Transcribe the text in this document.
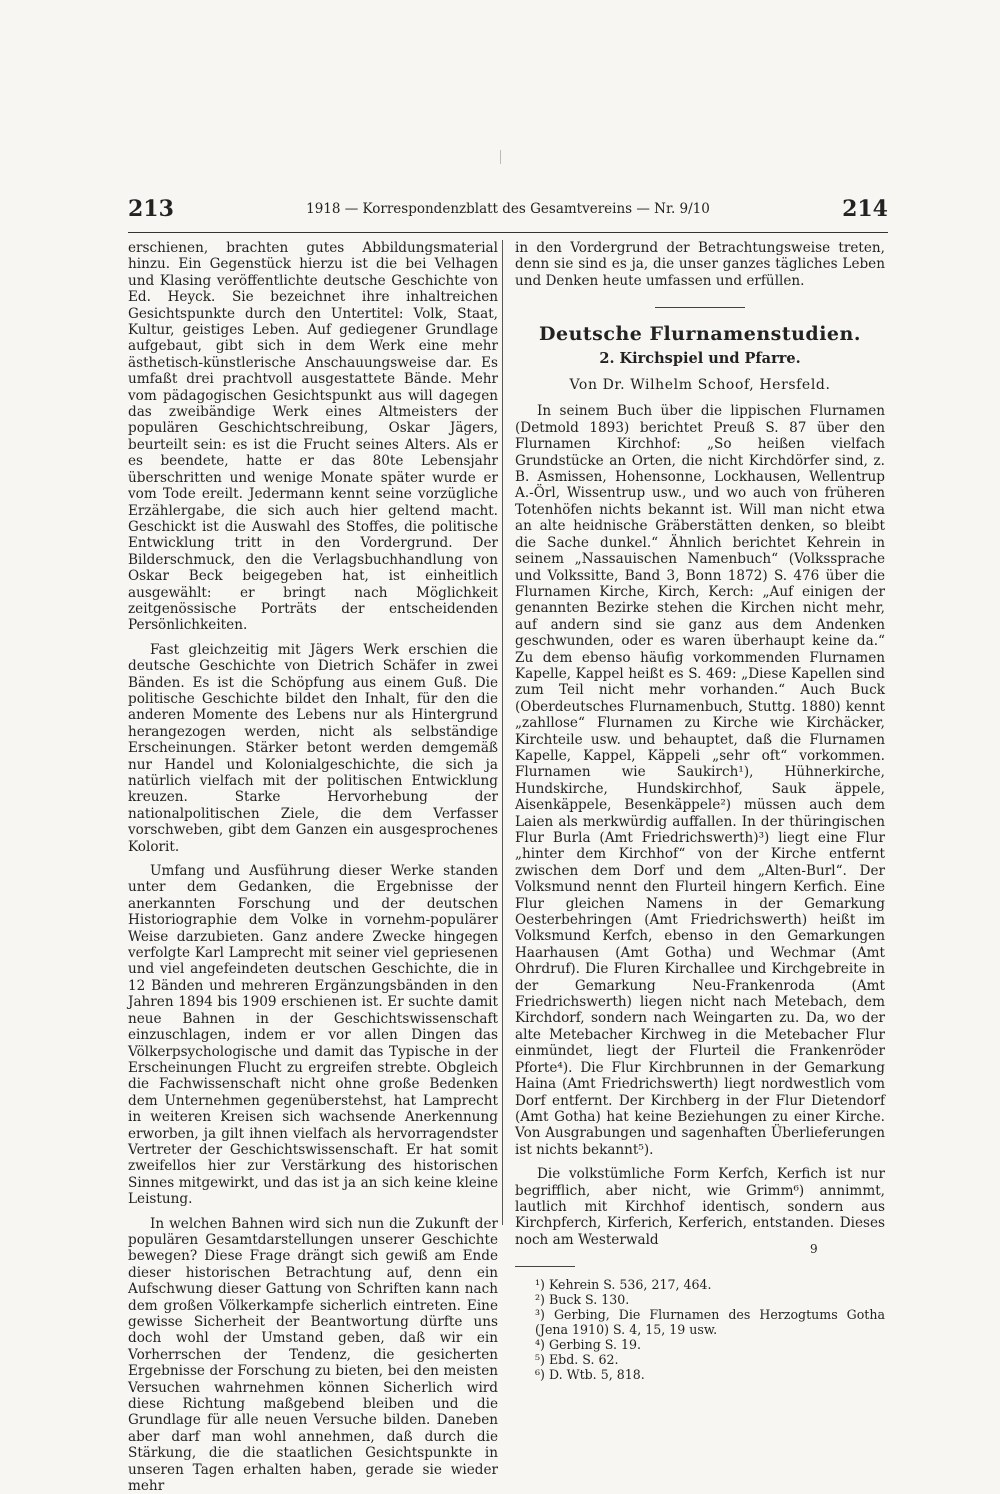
213	1918 — Korrespondenzblatt des Gesamtvereins — Nr. 9/10	214

erschienen, brachten gutes Abbildungsmaterial hinzu. Ein Gegenstück hierzu ist die bei Velhagen und Klasing veröffentlichte deutsche Geschichte von Ed. Heyck. Sie bezeichnet ihre inhaltreichen Gesichtspunkte durch den Untertitel: Volk, Staat, Kultur, geistiges Leben. Auf gediegener Grundlage aufgebaut, gibt sich in dem Werk eine mehr ästhetisch-künstlerische Anschauungsweise dar. Es umfaßt drei prachtvoll ausgestattete Bände. Mehr vom pädagogischen Gesichtspunkt aus will dagegen das zweibändige Werk eines Altmeisters der populären Geschichtschreibung, Oskar Jägers, beurteilt sein: es ist die Frucht seines Alters. Als er es beendete, hatte er das 80te Lebensjahr überschritten und wenige Monate später wurde er vom Tode ereilt. Jedermann kennt seine vorzügliche Erzählergabe, die sich auch hier geltend macht. Geschickt ist die Auswahl des Stoffes, die politische Entwicklung tritt in den Vordergrund. Der Bilderschmuck, den die Verlagsbuchhandlung von Oskar Beck beigegeben hat, ist einheitlich ausgewählt: er bringt nach Möglichkeit zeitgenössische Porträts der entscheidenden Persönlichkeiten.

Fast gleichzeitig mit Jägers Werk erschien die deutsche Geschichte von Dietrich Schäfer in zwei Bänden. Es ist die Schöpfung aus einem Guß. Die politische Geschichte bildet den Inhalt, für den die anderen Momente des Lebens nur als Hintergrund herangezogen werden, nicht als selbständige Erscheinungen. Stärker betont werden demgemäß nur Handel und Kolonialgeschichte, die sich ja natürlich vielfach mit der politischen Entwicklung kreuzen. Starke Hervorhebung der nationalpolitischen Ziele, die dem Verfasser vorschweben, gibt dem Ganzen ein ausgesprochenes Kolorit.

Umfang und Ausführung dieser Werke standen unter dem Gedanken, die Ergebnisse der anerkannten Forschung und der deutschen Historiographie dem Volke in vornehm-populärer Weise darzubieten. Ganz andere Zwecke hingegen verfolgte Karl Lamprecht mit seiner viel gepriesenen und viel angefeindeten deutschen Geschichte, die in 12 Bänden und mehreren Ergänzungsbänden in den Jahren 1894 bis 1909 erschienen ist. Er suchte damit neue Bahnen in der Geschichtswissenschaft einzuschlagen, indem er vor allen Dingen das Völkerpsychologische und damit das Typische in der Erscheinungen Flucht zu ergreifen strebte. Obgleich die Fachwissenschaft nicht ohne große Bedenken dem Unternehmen gegenüberstehst, hat Lamprecht in weiteren Kreisen sich wachsende Anerkennung erworben, ja gilt ihnen vielfach als hervorragendster Vertreter der Geschichtswissenschaft. Er hat somit zweifellos hier zur Verstärkung des historischen Sinnes mitgewirkt, und das ist ja an sich keine kleine Leistung.

In welchen Bahnen wird sich nun die Zukunft der populären Gesamtdarstellungen unserer Geschichte bewegen? Diese Frage drängt sich gewiß am Ende dieser historischen Betrachtung auf, denn ein Aufschwung dieser Gattung von Schriften kann nach dem großen Völkerkampfe sicherlich eintreten. Eine gewisse Sicherheit der Beantwortung dürfte uns doch wohl der Umstand geben, daß wir ein Vorherrschen der Tendenz, die gesicherten Ergebnisse der Forschung zu bieten, bei den meisten Versuchen wahrnehmen können Sicherlich wird diese Richtung maßgebend bleiben und die Grundlage für alle neuen Versuche bilden. Daneben aber darf man wohl annehmen, daß durch die Stärkung, die die staatlichen Gesichtspunkte in unseren Tagen erhalten haben, gerade sie wieder mehr

in den Vordergrund der Betrachtungsweise treten, denn sie sind es ja, die unser ganzes tägliches Leben und Denken heute umfassen und erfüllen.

Deutsche Flurnamenstudien.
2. Kirchspiel und Pfarre.
Von Dr. Wilhelm Schoof, Hersfeld.

In seinem Buch über die lippischen Flurnamen (Detmold 1893) berichtet Preuß S. 87 über den Flurnamen Kirchhof: „So heißen vielfach Grundstücke an Orten, die nicht Kirchdörfer sind, z. B. Asmissen, Hohensonne, Lockhausen, Wellentrup A.-Örl, Wissentrup usw., und wo auch von früheren Totenhöfen nichts bekannt ist. Will man nicht etwa an alte heidnische Gräberstätten denken, so bleibt die Sache dunkel.“ Ähnlich berichtet Kehrein in seinem „Nassauischen Namenbuch“ (Volkssprache und Volkssitte, Band 3, Bonn 1872) S. 476 über die Flurnamen Kirche, Kirch, Kerch: „Auf einigen der genannten Bezirke stehen die Kirchen nicht mehr, auf andern sind sie ganz aus dem Andenken geschwunden, oder es waren überhaupt keine da.“ Zu dem ebenso häufig vorkommenden Flurnamen Kapelle, Kappel heißt es S. 469: „Diese Kapellen sind zum Teil nicht mehr vorhanden.“ Auch Buck (Oberdeutsches Flurnamenbuch, Stuttg. 1880) kennt „zahllose“ Flurnamen zu Kirche wie Kirchäcker, Kirchteile usw. und behauptet, daß die Flurnamen Kapelle, Kappel, Käppeli „sehr oft“ vorkommen. Flurnamen wie Saukirch¹), Hühnerkirche, Hundskirche, Hundskirchhof, Sauk äppele, Aisenkäppele, Besenkäppele²) müssen auch dem Laien als merkwürdig auffallen. In der thüringischen Flur Burla (Amt Friedrichswerth)³) liegt eine Flur „hinter dem Kirchhof“ von der Kirche entfernt zwischen dem Dorf und dem „Alten-Burl“. Der Volksmund nennt den Flurteil hingern Kerfich. Eine Flur gleichen Namens in der Gemarkung Oesterbehringen (Amt Friedrichswerth) heißt im Volksmund Kerfch, ebenso in den Gemarkungen Haarhausen (Amt Gotha) und Wechmar (Amt Ohrdruf). Die Fluren Kirchallee und Kirchgebreite in der Gemarkung Neu-Frankenroda (Amt Friedrichswerth) liegen nicht nach Metebach, dem Kirchdorf, sondern nach Weingarten zu. Da, wo der alte Metebacher Kirchweg in die Metebacher Flur einmündet, liegt der Flurteil die Frankenröder Pforte⁴). Die Flur Kirchbrunnen in der Gemarkung Haina (Amt Friedrichswerth) liegt nordwestlich vom Dorf entfernt. Der Kirchberg in der Flur Dietendorf (Amt Gotha) hat keine Beziehungen zu einer Kirche. Von Ausgrabungen und sagenhaften Überlieferungen ist nichts bekannt⁵).

Die volkstümliche Form Kerfch, Kerfich ist nur begrifflich, aber nicht, wie Grimm⁶) annimmt, lautlich mit Kirchhof identisch, sondern aus Kirchpferch, Kirferich, Kerferich, entstanden. Dieses noch am Westerwald

¹) Kehrein S. 536, 217, 464.
²) Buck S. 130.
³) Gerbing, Die Flurnamen des Herzogtums Gotha (Jena 1910) S. 4, 15, 19 usw.
⁴) Gerbing S. 19.
⁵) Ebd. S. 62.
⁶) D. Wtb. 5, 818.
9
